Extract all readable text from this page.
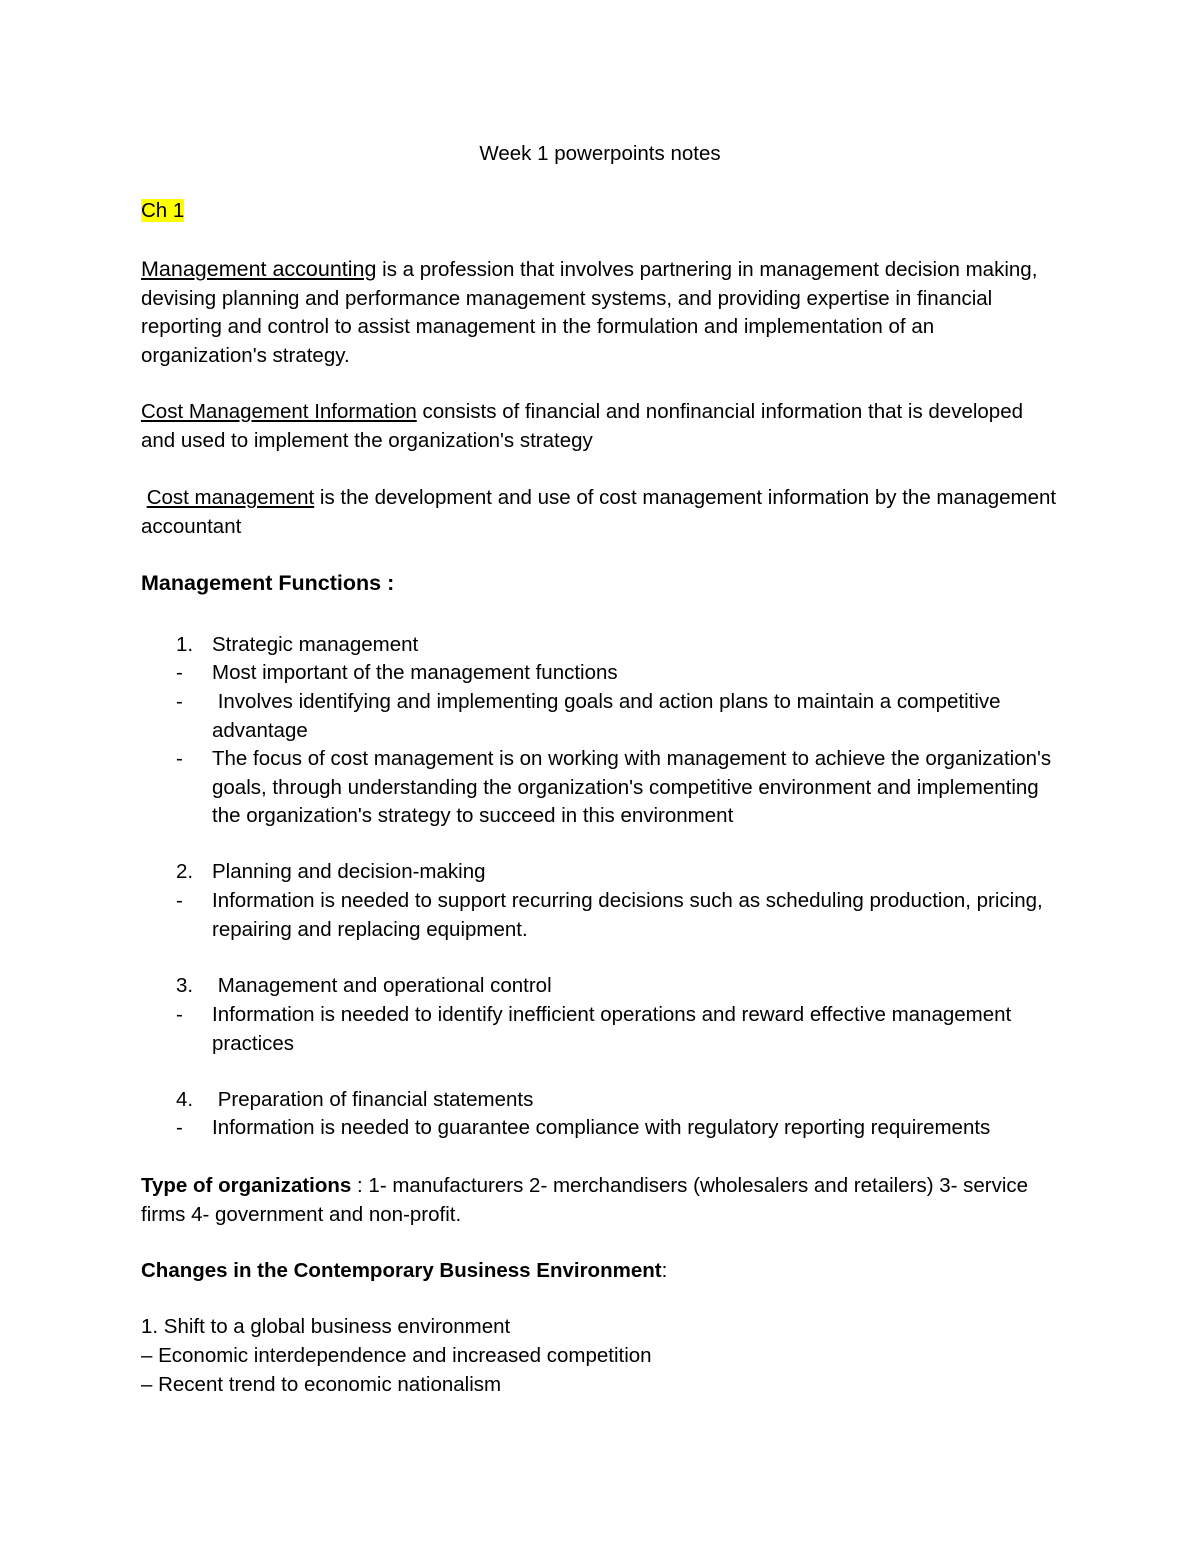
Week 1 powerpoints notes
Ch 1
Management accounting is a profession that involves partnering in management decision making, devising planning and performance management systems, and providing expertise in financial reporting and control to assist management in the formulation and implementation of an organization's strategy.
Cost Management Information consists of financial and nonfinancial information that is developed and used to implement the organization's strategy
Cost management is the development and use of cost management information by the management accountant
Management Functions :
1. Strategic management
- Most important of the management functions
- Involves identifying and implementing goals and action plans to maintain a competitive advantage
- The focus of cost management is on working with management to achieve the organization's goals, through understanding the organization's competitive environment and implementing the organization's strategy to succeed in this environment
2. Planning and decision-making
- Information is needed to support recurring decisions such as scheduling production, pricing, repairing and replacing equipment.
3. Management and operational control
- Information is needed to identify inefficient operations and reward effective management practices
4. Preparation of financial statements
- Information is needed to guarantee compliance with regulatory reporting requirements
Type of organizations : 1- manufacturers 2- merchandisers (wholesalers and retailers) 3- service firms 4- government and non-profit.
Changes in the Contemporary Business Environment:
1. Shift to a global business environment
– Economic interdependence and increased competition
– Recent trend to economic nationalism
